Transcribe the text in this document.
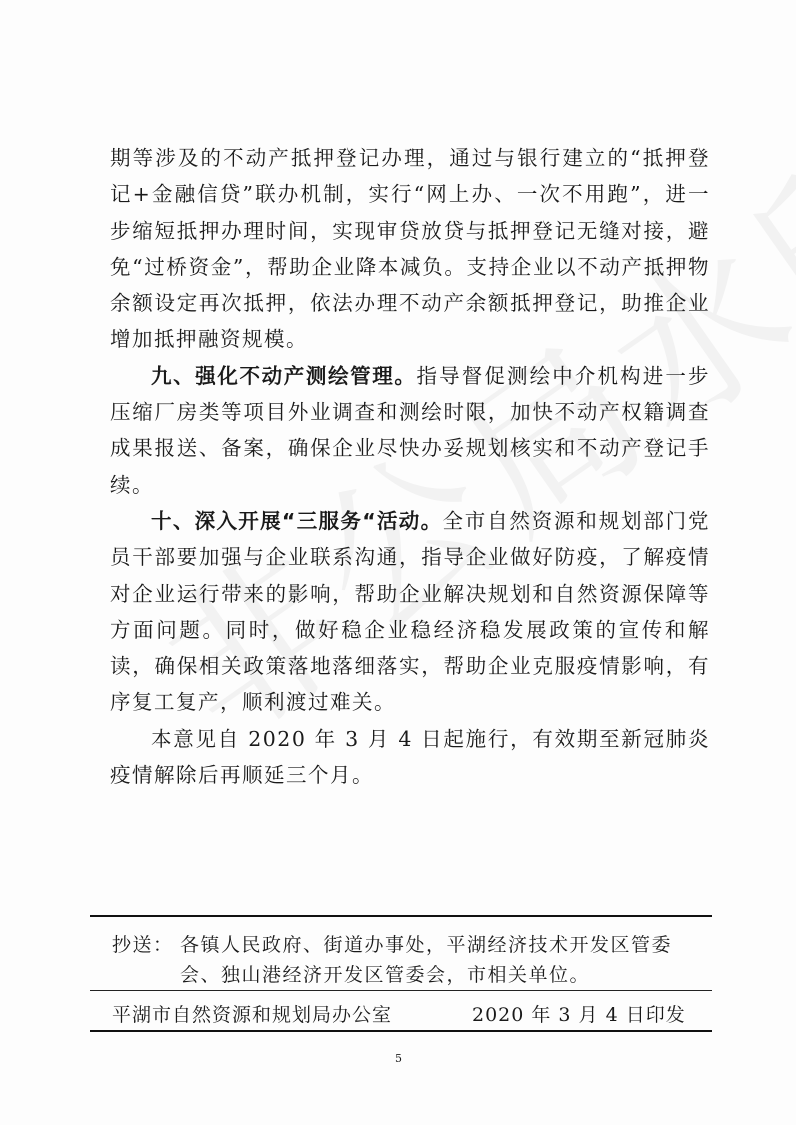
期等涉及的不动产抵押登记办理，通过与银行建立的“抵押登记+金融信贷”联办机制，实行“网上办、一次不用跑”，进一步缩短抵押办理时间，实现审贷放贷与抵押登记无缝对接，避免“过桥资金”，帮助企业降本减负。支持企业以不动产抵押物余额设定再次抵押，依法办理不动产余额抵押登记，助推企业增加抵押融资规模。

九、强化不动产测绘管理。指导督促测绘中介机构进一步压缩厂房类等项目外业调查和测绘时限，加快不动产权籍调查成果报送、备案，确保企业尽快办妥规划核实和不动产登记手续。

十、深入开展“三服务“活动。全市自然资源和规划部门党员干部要加强与企业联系沟通，指导企业做好防疫，了解疫情对企业运行带来的影响，帮助企业解决规划和自然资源保障等方面问题。同时，做好稳企业稳经济稳发展政策的宣传和解读，确保相关政策落地落细落实，帮助企业克服疫情影响，有序复工复产，顺利渡过难关。

本意见自 2020 年 3 月 4 日起施行，有效期至新冠肺炎疫情解除后再顺延三个月。

抄送： 各镇人民政府、街道办事处，平湖经济技术开发区管委
会、独山港经济开发区管委会，市相关单位。
平湖市自然资源和规划局办公室	2020 年 3 月 4 日印发
5
